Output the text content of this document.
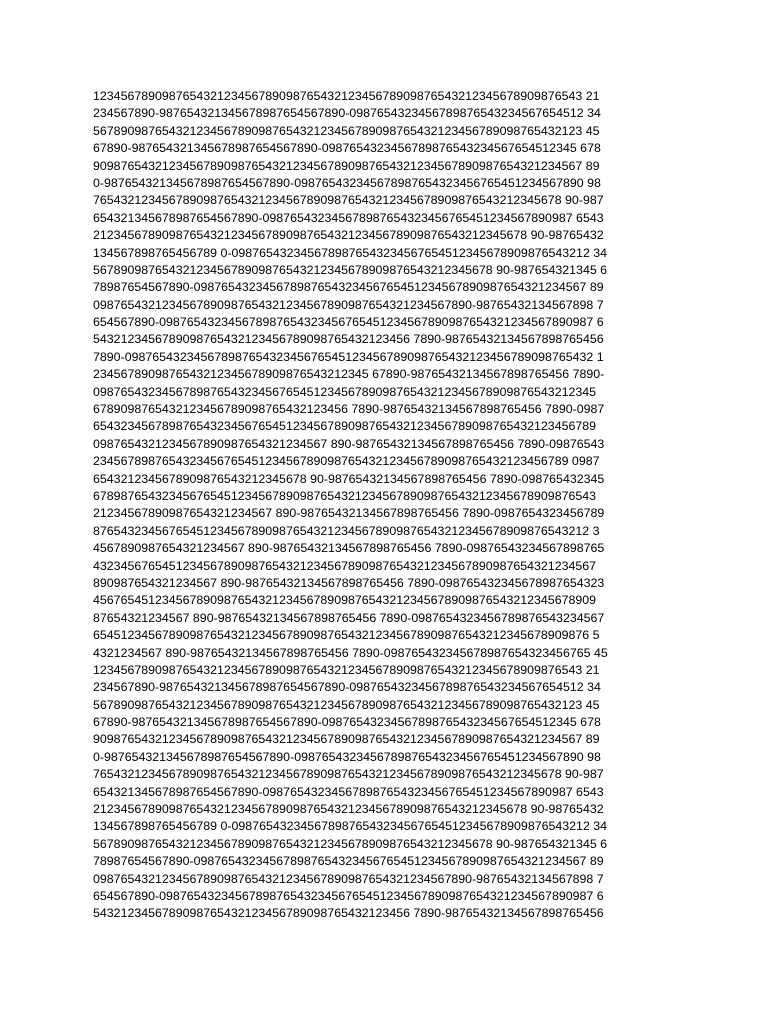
12345678909876543212345678909876543212345678909876543212345678909876543 21
234567890-987654321345678987654567890-0987654323456789876543234567654512 34
56789098765432123456789098765432123456789098765432123456789098765432123 45
67890-987654321345678987654567890-0987654323456789876543234567654512345 678
90987654321234567890987654321234567890987654321234567890987654321234567 89
0-987654321345678987654567890-098765432345678987654323456765451234567890 98
76543212345678909876543212345678909876543212345678909876543212345678 90-987
654321345678987654567890-098765432345678987654323456765451234567890987 6543
212345678909876543212345678909876543212345678909876543212345678 90-98765432
134567898765456789 0-0987654323456789876543234567654512345678909876543212 34
5678909876543212345678909876543212345678909876543212345678 90-987654321345 6
78987654567890-098765432345678987654323456765451234567890987654321234567 89
0987654321234567890987654321234567890987654321234567890-98765432134567898 7
654567890-098765432345678987654323456765451234567890987654321234567890987 6
5432123456789098765432123456789098765432123456 7890-98765432134567898765456
7890-09876543234567898765432345676545123456789098765432123456789098765432 1
2345678909876543212345678909876543212345 67890-98765432134567898765456 7890-
0987654323456789876543234567654512345678909876543212345678909876543212345
6789098765432123456789098765432123456 7890-98765432134567898765456 7890-0987
6543234567898765432345676545123456789098765432123456789098765432123456789
0987654321234567890987654321234567 890-98765432134567898765456 7890-09876543
234567898765432345676545123456789098765432123456789098765432123456789 0987
6543212345678909876543212345678 90-98765432134567898765456 7890-098765432345
6789876543234567654512345678909876543212345678909876543212345678909876543
21234567890987654321234567 890-98765432134567898765456 7890-0987654323456789
876543234567654512345678909876543212345678909876543212345678909876543212 3
4567890987654321234567 890-98765432134567898765456 7890-09876543234567898765
4323456765451234567890987654321234567890987654321234567890987654321234567
890987654321234567 890-98765432134567898765456 7890-098765432345678987654323
4567654512345678909876543212345678909876543212345678909876543212345678909
87654321234567 890-98765432134567898765456 7890-0987654323456789876543234567
654512345678909876543212345678909876543212345678909876543212345678909876 5
4321234567 890-98765432134567898765456 7890-098765432345678987654323456765 45
12345678909876543212345678909876543212345678909876543212345678909876543 21
234567890-987654321345678987654567890-0987654323456789876543234567654512 34
56789098765432123456789098765432123456789098765432123456789098765432123 45
67890-987654321345678987654567890-0987654323456789876543234567654512345 678
90987654321234567890987654321234567890987654321234567890987654321234567 89
0-987654321345678987654567890-098765432345678987654323456765451234567890 98
76543212345678909876543212345678909876543212345678909876543212345678 90-987
654321345678987654567890-098765432345678987654323456765451234567890987 6543
212345678909876543212345678909876543212345678909876543212345678 90-98765432
134567898765456789 0-0987654323456789876543234567654512345678909876543212 34
5678909876543212345678909876543212345678909876543212345678 90-987654321345 6
78987654567890-098765432345678987654323456765451234567890987654321234567 89
0987654321234567890987654321234567890987654321234567890-98765432134567898 7
654567890-098765432345678987654323456765451234567890987654321234567890987 6
5432123456789098765432123456789098765432123456 7890-98765432134567898765456
